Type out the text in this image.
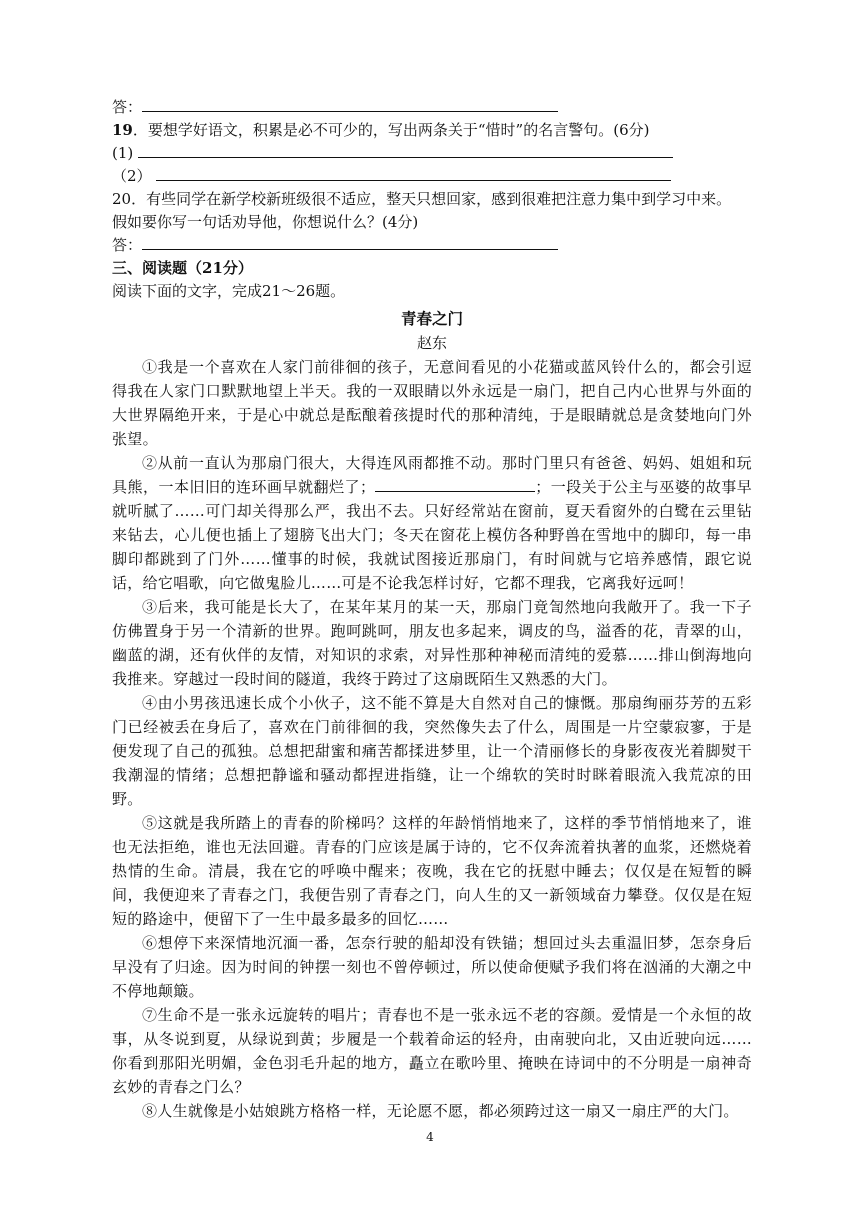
答：
19．要想学好语文，积累是必不可少的，写出两条关于“惜时”的名言警句。(6分)
(1)
（2）
20．有些同学在新学校新班级很不适应，整天只想回家，感到很难把注意力集中到学习中来。
假如要你写一句话劝导他，你想说什么？(4分)
答：
三、阅读题（21分）
阅读下面的文字，完成21～26题。
青春之门
赵东

①我是一个喜欢在人家门前徘徊的孩子，无意间看见的小花猫或蓝风铃什么的，都会引逗得我在人家门口默默地望上半天。我的一双眼睛以外永远是一扇门，把自己内心世界与外面的大世界隔绝开来，于是心中就总是酝酿着孩提时代的那种清纯，于是眼睛就总是贪婪地向门外张望。

②从前一直认为那扇门很大，大得连风雨都推不动。那时门里只有爸爸、妈妈、姐姐和玩具熊，一本旧旧的连环画早就翻烂了；	；一段关于公主与巫婆的故事早就听腻了……可门却关得那么严，我出不去。只好经常站在窗前，夏天看窗外的白鹭在云里钻来钻去，心儿便也插上了翅膀飞出大门；冬天在窗花上模仿各种野兽在雪地中的脚印，每一串脚印都跳到了门外……懂事的时候，我就试图接近那扇门，有时间就与它培养感情，跟它说话，给它唱歌，向它做鬼脸儿……可是不论我怎样讨好，它都不理我，它离我好远呵！

③后来，我可能是长大了，在某年某月的某一天，那扇门竟訇然地向我敞开了。我一下子仿佛置身于另一个清新的世界。跑呵跳呵，朋友也多起来，调皮的鸟，溢香的花，青翠的山，幽蓝的湖，还有伙伴的友情，对知识的求索，对异性那种神秘而清纯的爱慕……排山倒海地向我推来。穿越过一段时间的隧道，我终于跨过了这扇既陌生又熟悉的大门。

④由小男孩迅速长成个小伙子，这不能不算是大自然对自己的慷慨。那扇绚丽芬芳的五彩门已经被丢在身后了，喜欢在门前徘徊的我，突然像失去了什么，周围是一片空蒙寂寥，于是便发现了自己的孤独。总想把甜蜜和痛苦都揉进梦里，让一个清丽修长的身影夜夜光着脚熨干我潮湿的情绪；总想把静谧和骚动都捏进指缝，让一个绵软的笑时时眯着眼流入我荒凉的田野。

⑤这就是我所踏上的青春的阶梯吗？这样的年龄悄悄地来了，这样的季节悄悄地来了，谁也无法拒绝，谁也无法回避。青春的门应该是属于诗的，它不仅奔流着执著的血浆，还燃烧着热情的生命。清晨，我在它的呼唤中醒来；夜晚，我在它的抚慰中睡去；仅仅是在短暂的瞬间，我便迎来了青春之门，我便告别了青春之门，向人生的又一新领域奋力攀登。仅仅是在短短的路途中，便留下了一生中最多最多的回忆……

⑥想停下来深情地沉湎一番，怎奈行驶的船却没有铁锚；想回过头去重温旧梦，怎奈身后早没有了归途。因为时间的钟摆一刻也不曾停顿过，所以使命便赋予我们将在汹涌的大潮之中不停地颠簸。

⑦生命不是一张永远旋转的唱片；青春也不是一张永远不老的容颜。爱情是一个永恒的故事，从冬说到夏，从绿说到黄；步履是一个载着命运的轻舟，由南驶向北，又由近驶向远……你看到那阳光明媚，金色羽毛升起的地方，矗立在歌吟里、掩映在诗词中的不分明是一扇神奇玄妙的青春之门么？

⑧人生就像是小姑娘跳方格格一样，无论愿不愿，都必须跨过这一扇又一扇庄严的大门。

4
